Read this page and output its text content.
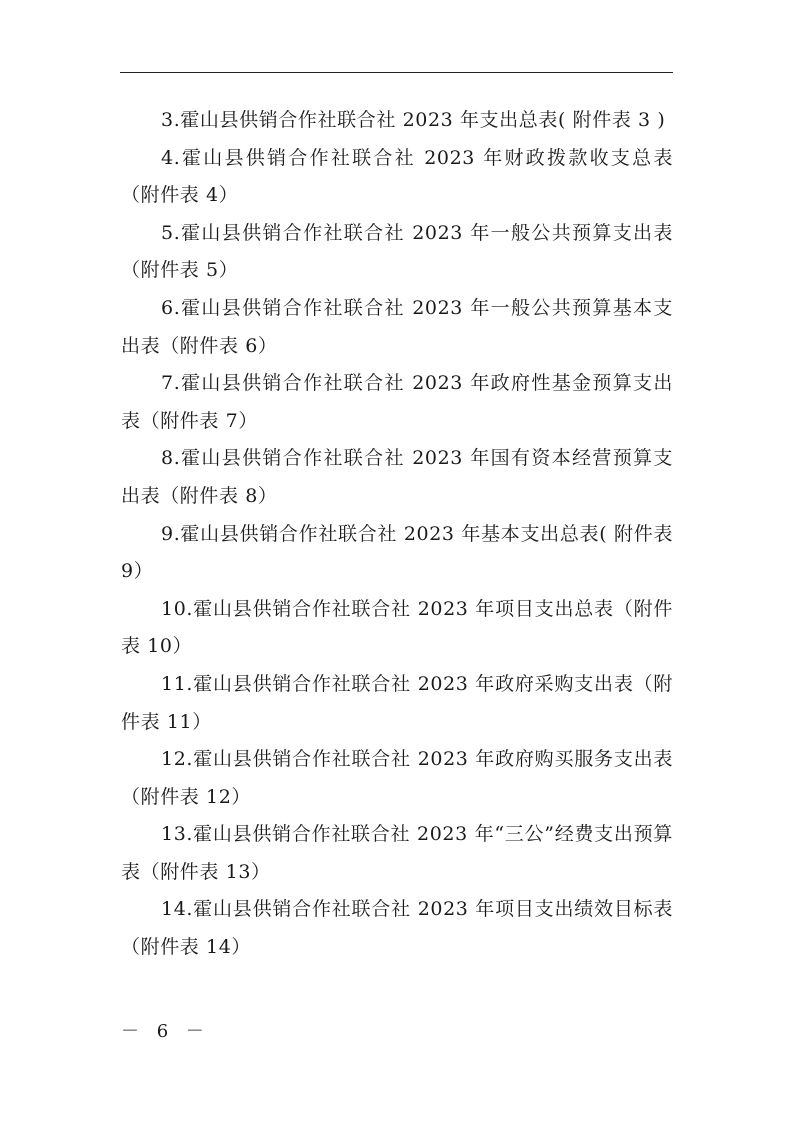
3.霍山县供销合作社联合社 2023 年支出总表( 附件表 3 )

4.霍山县供销合作社联合社 2023 年财政拨款收支总表（附件表 4）

5.霍山县供销合作社联合社 2023 年一般公共预算支出表（附件表 5）

6.霍山县供销合作社联合社 2023 年一般公共预算基本支出表（附件表 6）

7.霍山县供销合作社联合社 2023 年政府性基金预算支出表（附件表 7）

8.霍山县供销合作社联合社 2023 年国有资本经营预算支出表（附件表 8）

9.霍山县供销合作社联合社 2023 年基本支出总表( 附件表 9）

10.霍山县供销合作社联合社 2023 年项目支出总表（附件表 10）

11.霍山县供销合作社联合社 2023 年政府采购支出表（附件表 11）

12.霍山县供销合作社联合社 2023 年政府购买服务支出表（附件表 12）

13.霍山县供销合作社联合社 2023 年“三公”经费支出预算表（附件表 13）

14.霍山县供销合作社联合社 2023 年项目支出绩效目标表（附件表 14）

－ 6 －
